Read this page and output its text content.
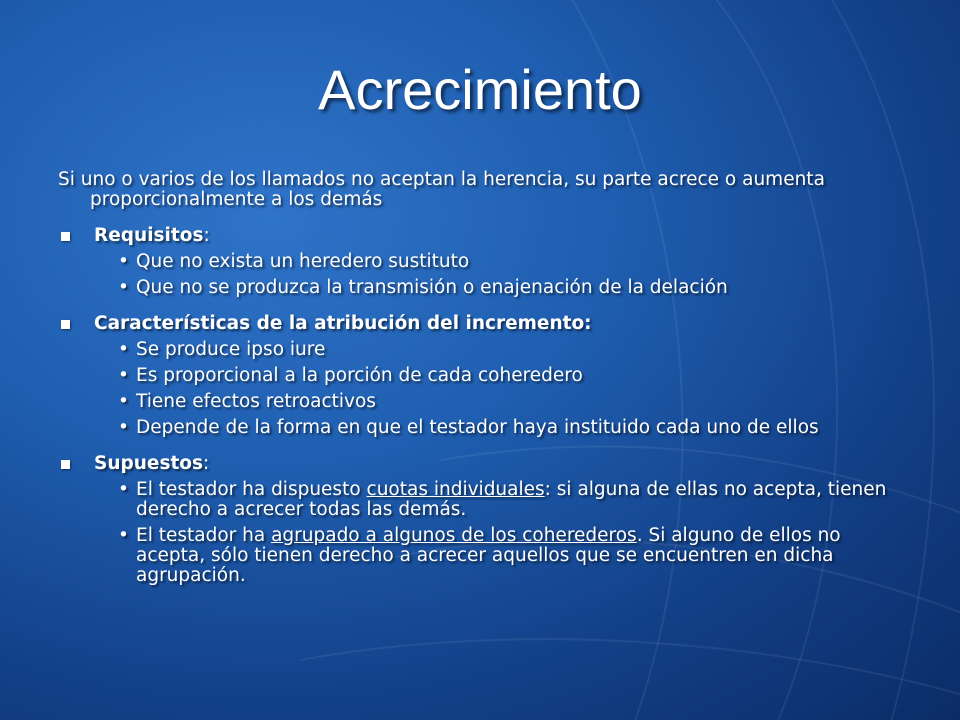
Acrecimiento

Si uno o varios de los llamados no aceptan la herencia, su parte acrece o aumenta proporcionalmente a los demás

Requisitos:
• Que no exista un heredero sustituto
• Que no se produzca la transmisión o enajenación de la delación
Características de la atribución del incremento:
• Se produce ipso iure
• Es proporcional a la porción de cada coheredero
• Tiene efectos retroactivos
• Depende de la forma en que el testador haya instituido cada uno de ellos
Supuestos:
• El testador ha dispuesto cuotas individuales: si alguna de ellas no acepta, tienen derecho a acrecer todas las demás.
• El testador ha agrupado a algunos de los coherederos. Si alguno de ellos no acepta, sólo tienen derecho a acrecer aquellos que se encuentren en dicha agrupación.
